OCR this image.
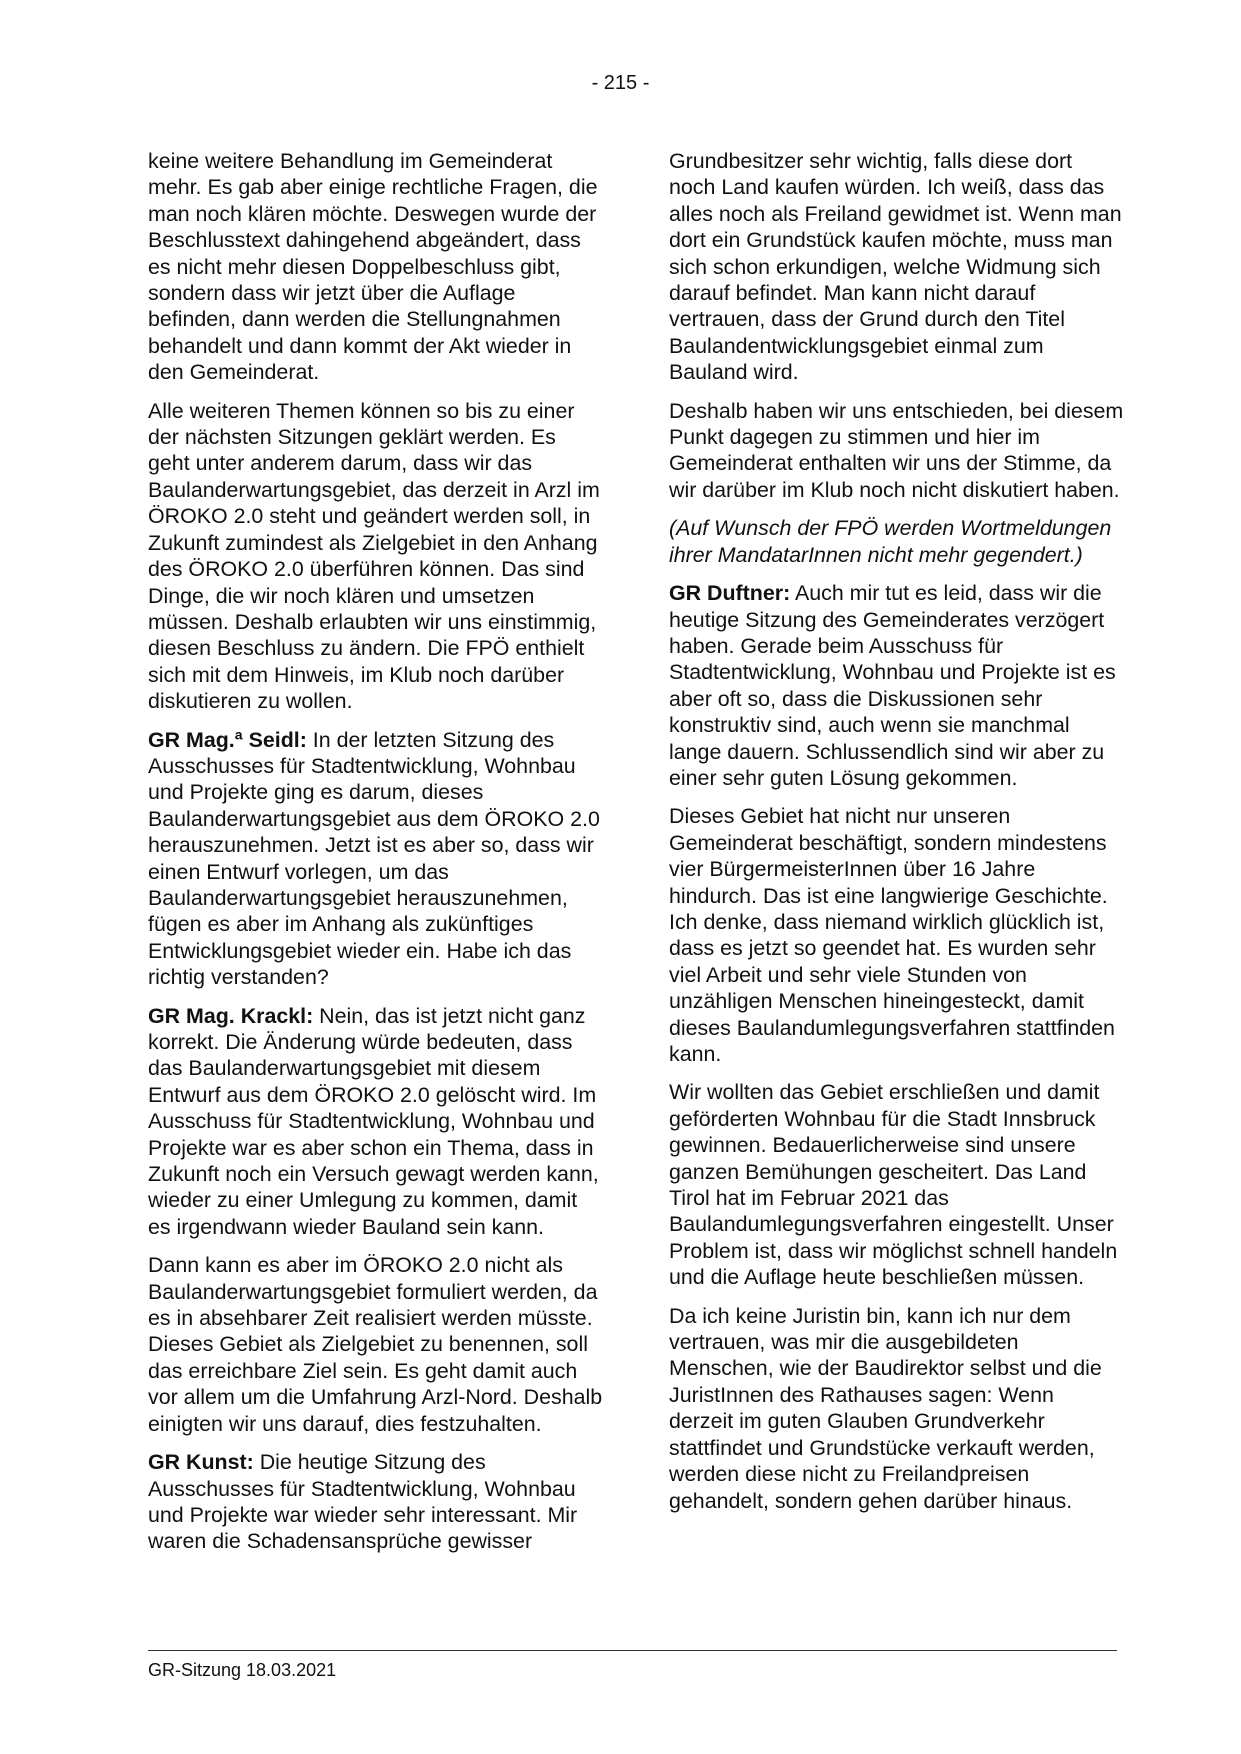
- 215 -

keine weitere Behandlung im Gemeinderat mehr. Es gab aber einige rechtliche Fragen, die man noch klären möchte. Deswegen wurde der Beschlusstext dahingehend abgeändert, dass es nicht mehr diesen Doppelbeschluss gibt, sondern dass wir jetzt über die Auflage befinden, dann werden die Stellungnahmen behandelt und dann kommt der Akt wieder in den Gemeinderat.

Alle weiteren Themen können so bis zu einer der nächsten Sitzungen geklärt werden. Es geht unter anderem darum, dass wir das Baulanderwartungsgebiet, das derzeit in Arzl im ÖROKO 2.0 steht und geändert werden soll, in Zukunft zumindest als Zielgebiet in den Anhang des ÖROKO 2.0 überführen können. Das sind Dinge, die wir noch klären und umsetzen müssen. Deshalb erlaubten wir uns einstimmig, diesen Beschluss zu ändern. Die FPÖ enthielt sich mit dem Hinweis, im Klub noch darüber diskutieren zu wollen.

GR Mag.ª Seidl: In der letzten Sitzung des Ausschusses für Stadtentwicklung, Wohnbau und Projekte ging es darum, dieses Baulanderwartungsgebiet aus dem ÖROKO 2.0 herauszunehmen. Jetzt ist es aber so, dass wir einen Entwurf vorlegen, um das Baulanderwartungsgebiet herauszunehmen, fügen es aber im Anhang als zukünftiges Entwicklungsgebiet wieder ein. Habe ich das richtig verstanden?

GR Mag. Krackl: Nein, das ist jetzt nicht ganz korrekt. Die Änderung würde bedeuten, dass das Baulanderwartungsgebiet mit diesem Entwurf aus dem ÖROKO 2.0 gelöscht wird. Im Ausschuss für Stadtentwicklung, Wohnbau und Projekte war es aber schon ein Thema, dass in Zukunft noch ein Versuch gewagt werden kann, wieder zu einer Umlegung zu kommen, damit es irgendwann wieder Bauland sein kann.

Dann kann es aber im ÖROKO 2.0 nicht als Baulanderwartungsgebiet formuliert werden, da es in absehbarer Zeit realisiert werden müsste. Dieses Gebiet als Zielgebiet zu benennen, soll das erreichbare Ziel sein. Es geht damit auch vor allem um die Umfahrung Arzl-Nord. Deshalb einigten wir uns darauf, dies festzuhalten.

GR Kunst: Die heutige Sitzung des Ausschusses für Stadtentwicklung, Wohnbau und Projekte war wieder sehr interessant. Mir waren die Schadensansprüche gewisser

Grundbesitzer sehr wichtig, falls diese dort noch Land kaufen würden. Ich weiß, dass das alles noch als Freiland gewidmet ist. Wenn man dort ein Grundstück kaufen möchte, muss man sich schon erkundigen, welche Widmung sich darauf befindet. Man kann nicht darauf vertrauen, dass der Grund durch den Titel Baulandentwicklungsgebiet einmal zum Bauland wird.

Deshalb haben wir uns entschieden, bei diesem Punkt dagegen zu stimmen und hier im Gemeinderat enthalten wir uns der Stimme, da wir darüber im Klub noch nicht diskutiert haben.

(Auf Wunsch der FPÖ werden Wortmeldungen ihrer MandatarInnen nicht mehr gegendert.)

GR Duftner: Auch mir tut es leid, dass wir die heutige Sitzung des Gemeinderates verzögert haben. Gerade beim Ausschuss für Stadtentwicklung, Wohnbau und Projekte ist es aber oft so, dass die Diskussionen sehr konstruktiv sind, auch wenn sie manchmal lange dauern. Schlussendlich sind wir aber zu einer sehr guten Lösung gekommen.

Dieses Gebiet hat nicht nur unseren Gemeinderat beschäftigt, sondern mindestens vier BürgermeisterInnen über 16 Jahre hindurch. Das ist eine langwierige Geschichte. Ich denke, dass niemand wirklich glücklich ist, dass es jetzt so geendet hat. Es wurden sehr viel Arbeit und sehr viele Stunden von unzähligen Menschen hineingesteckt, damit dieses Baulandumlegungsverfahren stattfinden kann.

Wir wollten das Gebiet erschließen und damit geförderten Wohnbau für die Stadt Innsbruck gewinnen. Bedauerlicherweise sind unsere ganzen Bemühungen gescheitert. Das Land Tirol hat im Februar 2021 das Baulandumlegungsverfahren eingestellt. Unser Problem ist, dass wir möglichst schnell handeln und die Auflage heute beschließen müssen.

Da ich keine Juristin bin, kann ich nur dem vertrauen, was mir die ausgebildeten Menschen, wie der Baudirektor selbst und die JuristInnen des Rathauses sagen: Wenn derzeit im guten Glauben Grundverkehr stattfindet und Grundstücke verkauft werden, werden diese nicht zu Freilandpreisen gehandelt, sondern gehen darüber hinaus.

GR-Sitzung 18.03.2021
